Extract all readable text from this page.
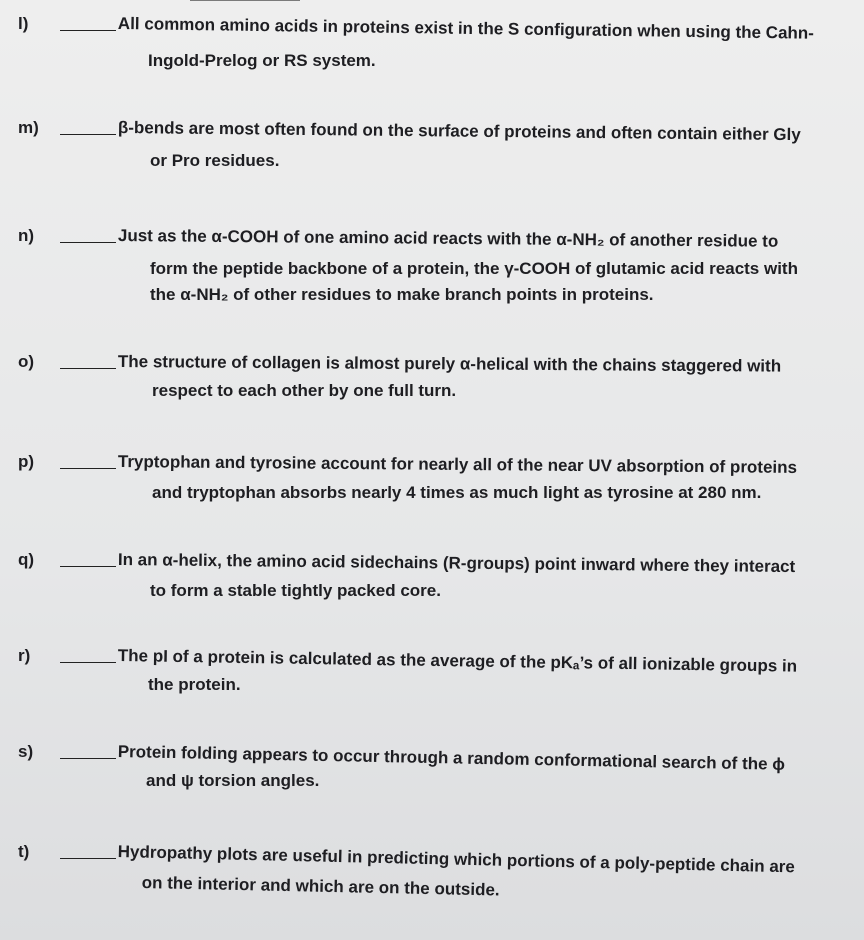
l)	All common amino acids in proteins exist in the S configuration when using the Cahn-
Ingold-Prelog or RS system.
m)	β-bends are most often found on the surface of proteins and often contain either Gly
or Pro residues.
n)	Just as the α-COOH of one amino acid reacts with the α-NH₂ of another residue to
form the peptide backbone of a protein, the γ-COOH of glutamic acid reacts with
the α-NH₂ of other residues to make branch points in proteins.
o)	The structure of collagen is almost purely α-helical with the chains staggered with
respect to each other by one full turn.
p)	Tryptophan and tyrosine account for nearly all of the near UV absorption of proteins
and tryptophan absorbs nearly 4 times as much light as tyrosine at 280 nm.
q)	In an α-helix, the amino acid sidechains (R-groups) point inward where they interact
to form a stable tightly packed core.
r)	The pI of a protein is calculated as the average of the pKₐ’s of all ionizable groups in
the protein.
s)	Protein folding appears to occur through a random conformational search of the ϕ
and ψ torsion angles.
t)	Hydropathy plots are useful in predicting which portions of a poly-peptide chain are
on the interior and which are on the outside.
